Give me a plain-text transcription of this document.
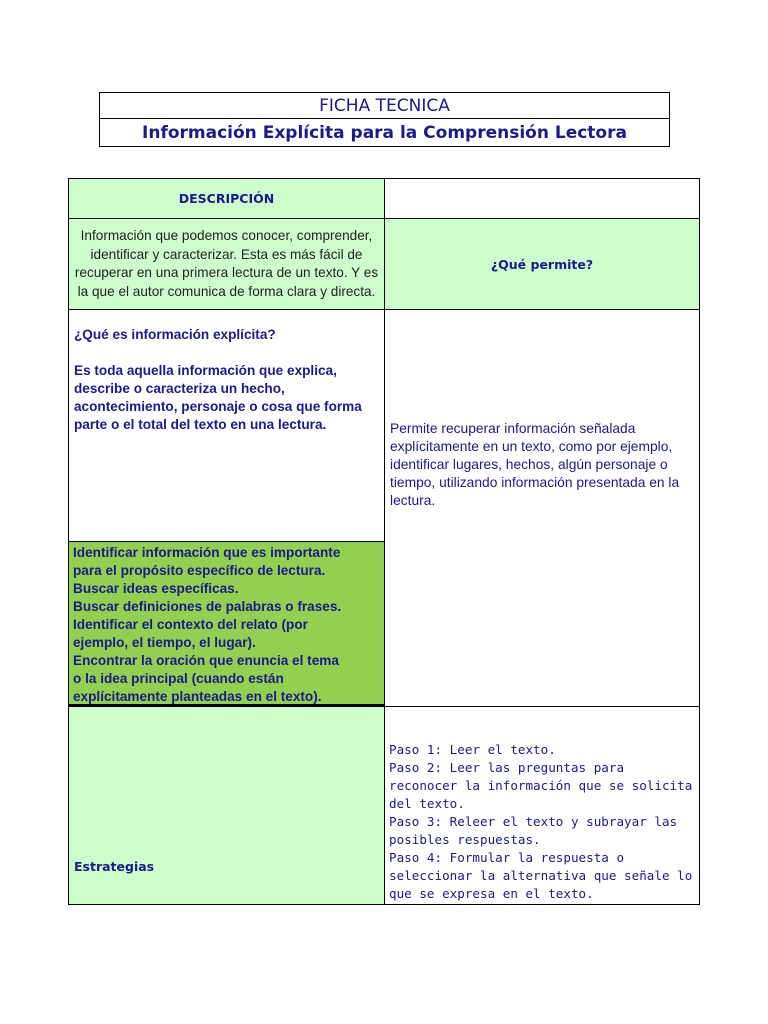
FICHA TECNICA
Información Explícita para la Comprensión Lectora
DESCRIPCIÓN
Información que podemos conocer, comprender, identificar y caracterizar. Esta es más fácil de recuperar en una primera lectura de un texto. Y es la que el autor comunica de forma clara y directa.
¿Qué permite?

¿Qué es información explícita?

Es toda aquella información que explica, describe o caracteriza un hecho, acontecimiento, personaje o cosa que forma parte o el total del texto en una lectura.

Identificar información que es importante
para el propósito específico de lectura.
Buscar ideas específicas.
Buscar definiciones de palabras o frases.
Identificar el contexto del relato (por
ejemplo, el tiempo, el lugar).
Encontrar la oración que enuncia el tema
o la idea principal (cuando están
explícitamente planteadas en el texto).
Permite recuperar información señalada explícitamente en un texto, como por ejemplo, identificar lugares, hechos, algún personaje o tiempo, utilizando información presentada en la lectura.
Estrategias
Paso 1: Leer el texto.
Paso 2: Leer las preguntas para reconocer la información que se solicita del texto.
Paso 3: Releer el texto y subrayar las posibles respuestas.
Paso 4: Formular la respuesta o seleccionar la alternativa que señale lo que se expresa en el texto.
